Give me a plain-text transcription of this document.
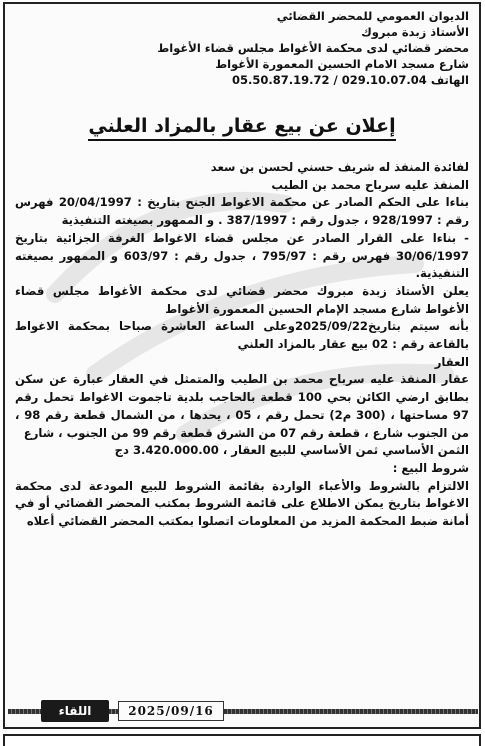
الديوان العمومي للمحضر القضائي
الأستاذ زبدة مبروك
محضر قضائي لدى محكمة الأغواط مجلس قضاء الأغواط
شارع مسجد الامام الحسين المعمورة الأغواط
الهاتف 029.10.07.04 / 05.50.87.19.72
إعلان عن بيع عقار بالمزاد العلني

لفائدة المنفذ له شريف حسني لحسن بن سعد

المنفذ عليه سرباح محمد بن الطيب

بناءا على الحكم الصادر عن محكمة الاغواط الجنح بتاريخ : 20/04/1997 فهرس رقم : 928/1997 ، جدول رقم : 387/1997 . و الممهور بصيغته التنفيذية

- بناءا على القرار الصادر عن مجلس قضاء الاغواط الغرفة الجزائية بتاريخ 30/06/1997 فهرس رقم : 795/97 ، جدول رقم : 603/97 و الممهور بصيغته التنفيذية.

يعلن الأستاذ زبدة مبروك محضر قضائي لدى محكمة الأغواط مجلس قضاء الأغواط شارع مسجد الإمام الحسين المعمورة الأغواط

بأنه سيتم بتاريخ2025/09/22وعلى الساعة العاشرة صباحا بمحكمة الاغواط بالقاعة رقم : 02 بيع عقار بالمزاد العلني

العقار

عقار المنفذ عليه سرباح محمد بن الطيب والمتمثل في العقار عبارة عن سكن بطابق ارضي الكائن بحي 100 قطعة بالحاجب بلدية تاجموت الاغواط تحمل رقم 97 مساحتها ، (300 م2) تحمل رقم ، 05 ، يحدها ، من الشمال قطعة رقم 98 ، من الجنوب شارع ، قطعة رقم 07 من الشرق قطعة رقم 99 من الجنوب ، شارع

الثمن الأساسي ثمن الأساسي للبيع العقار ، 3.420.000.00 دج

شروط البيع :

الالتزام بالشروط والأعباء الواردة بقائمة الشروط للبيع المودعة لدى محكمة الاغواط بتاريخ يمكن الاطلاع على قائمة الشروط بمكتب المحضر القضائي أو في أمانة ضبط المحكمة المزيد من المعلومات اتصلوا بمكتب المحضر القضائي أعلاه

اللقاء	2025/09/16
